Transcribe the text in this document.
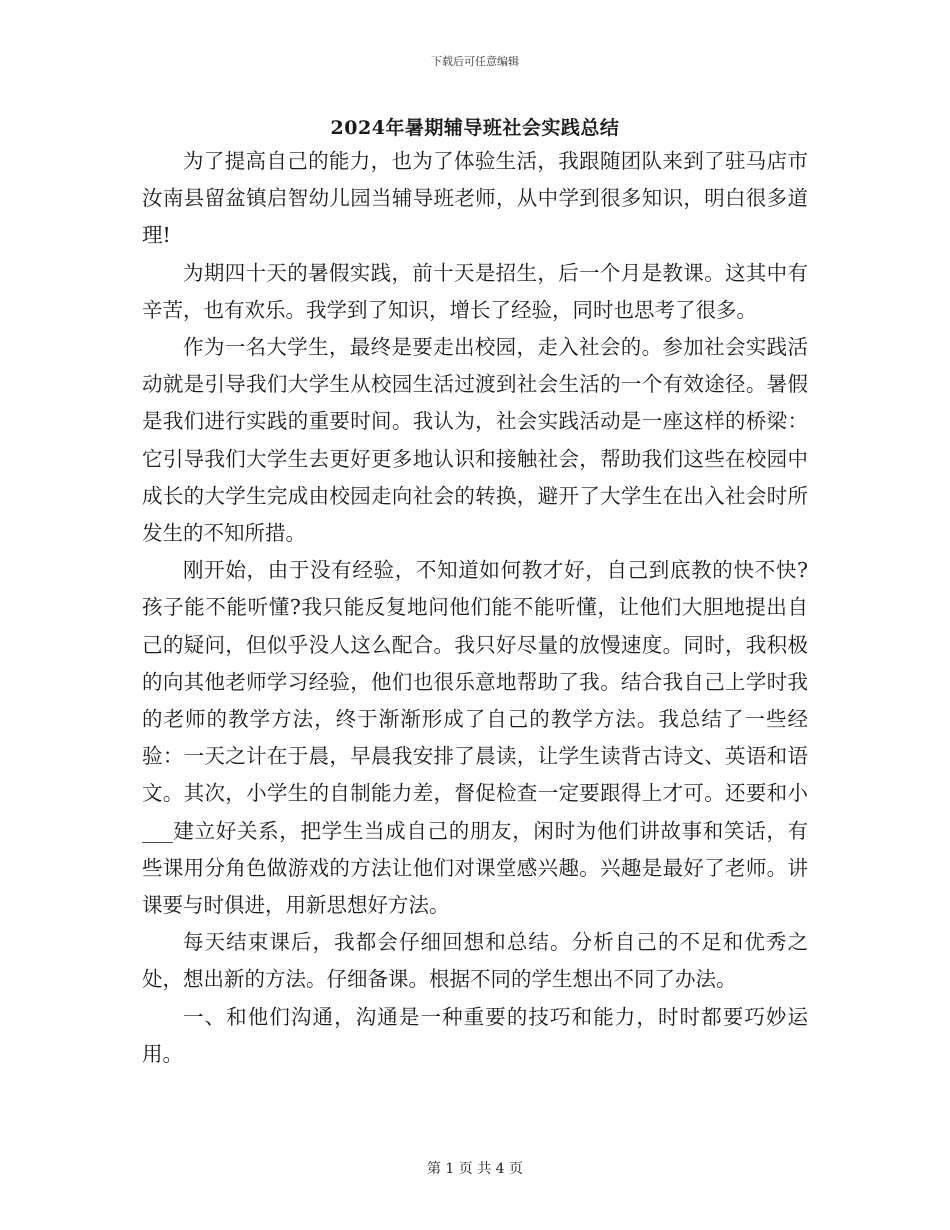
下载后可任意编辑
2024年暑期辅导班社会实践总结

为了提高自己的能力，也为了体验生活，我跟随团队来到了驻马店市汝南县留盆镇启智幼儿园当辅导班老师，从中学到很多知识，明白很多道理!

为期四十天的暑假实践，前十天是招生，后一个月是教课。这其中有辛苦，也有欢乐。我学到了知识，增长了经验，同时也思考了很多。

作为一名大学生，最终是要走出校园，走入社会的。参加社会实践活动就是引导我们大学生从校园生活过渡到社会生活的一个有效途径。暑假是我们进行实践的重要时间。我认为，社会实践活动是一座这样的桥梁：它引导我们大学生去更好更多地认识和接触社会，帮助我们这些在校园中成长的大学生完成由校园走向社会的转换，避开了大学生在出入社会时所发生的不知所措。

刚开始，由于没有经验，不知道如何教才好，自己到底教的快不快?孩子能不能听懂?我只能反复地问他们能不能听懂，让他们大胆地提出自己的疑问，但似乎没人这么配合。我只好尽量的放慢速度。同时，我积极的向其他老师学习经验，他们也很乐意地帮助了我。结合我自己上学时我的老师的教学方法，终于渐渐形成了自己的教学方法。我总结了一些经验：一天之计在于晨，早晨我安排了晨读，让学生读背古诗文、英语和语文。其次，小学生的自制能力差，督促检查一定要跟得上才可。还要和小___建立好关系，把学生当成自己的朋友，闲时为他们讲故事和笑话，有些课用分角色做游戏的方法让他们对课堂感兴趣。兴趣是最好了老师。讲课要与时俱进，用新思想好方法。

每天结束课后，我都会仔细回想和总结。分析自己的不足和优秀之处，想出新的方法。仔细备课。根据不同的学生想出不同了办法。

一、和他们沟通，沟通是一种重要的技巧和能力，时时都要巧妙运用。

第 1 页 共 4 页
